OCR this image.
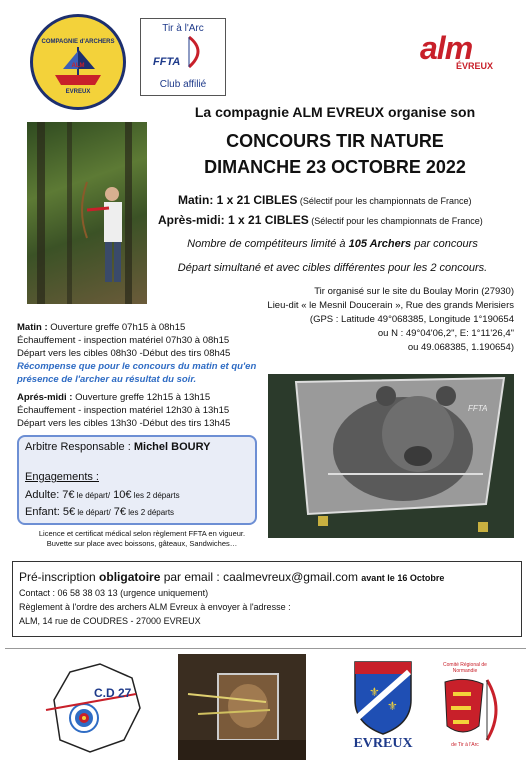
COMPAGNIE d'ARCHERS
ALM
EVREUX
Tir à l'Arc
FFTA
Club affilié
alm
ÉVREUX
La compagnie ALM EVREUX organise son
CONCOURS TIR NATURE
DIMANCHE 23 OCTOBRE 2022
Matin: 1 x 21 CIBLES (Sélectif pour les championnats de France)
Après-midi: 1 x 21 CIBLES (Sélectif pour les championnats de France)
Nombre de compétiteurs limité à 105 Archers par concours
Départ simultané et avec cibles différentes pour les 2 concours.
Tir organisé sur le site du Boulay Morin (27930)
Lieu-dit « le Mesnil Doucerain », Rue des grands Merisiers
(GPS : Latitude 49°068385, Longitude 1°190654
ou N : 49°04'06,2", E: 1°11'26,4"
ou 49.068385, 1.190654)
Matin : Ouverture greffe 07h15 à 08h15
Échauffement - inspection matériel 07h30 à 08h15
Départ vers les cibles 08h30 -Début des tirs 08h45
Récompense que pour le concours du matin et qu'en présence de l'archer au résultat du soir.
Aprés-midi : Ouverture greffe 12h15 à 13h15
Échauffement - inspection matériel 12h30 à 13h15
Départ vers les cibles 13h30 -Début des tirs 13h45
FFTA
Arbitre Responsable : Michel BOURY
Engagements :
Adulte: 7€ le départ/ 10€ les 2 départs
Enfant: 5€ le départ/ 7€ les 2 départs
Licence et certificat médical selon règlement FFTA en vigueur.
Buvette sur place avec boissons, gâteaux, Sandwiches…
Pré-inscription obligatoire par email : caalmevreux@gmail.com avant le 16 Octobre
Contact : 06 58 38 03 13 (urgence uniquement)
Règlement à l'ordre des archers ALM Evreux à envoyer à l'adresse :
ALM, 14 rue de COUDRES - 27000 EVREUX
C.D 27	⚜
⚜
EVREUX
Comité Régional de Normandie
de Tir à l'Arc
